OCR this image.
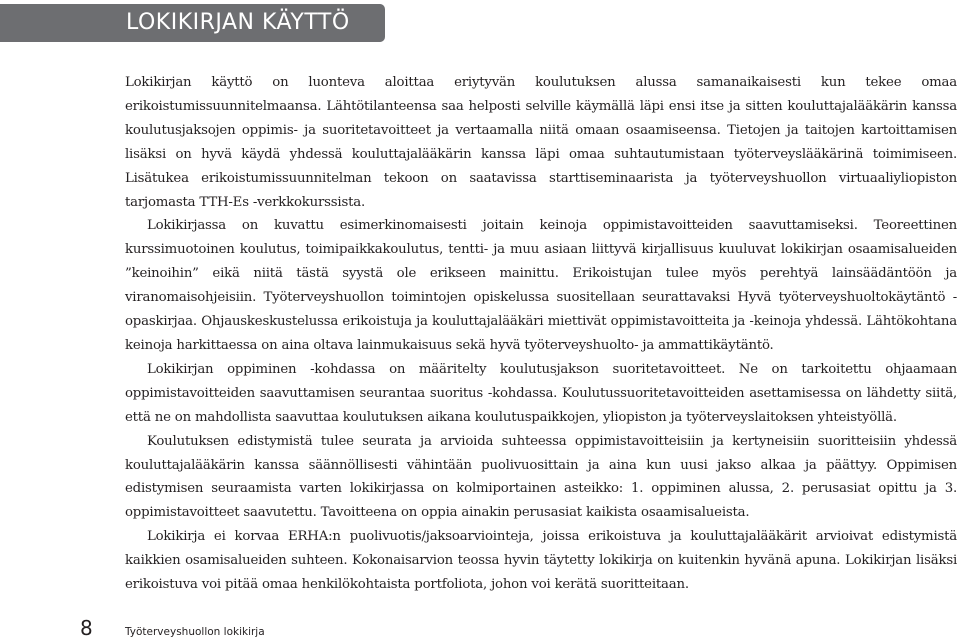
LOKIKIRJAN KÄYTTÖ

Lokikirjan käyttö on luonteva aloittaa eriytyvän koulutuksen alussa samanaikaisesti kun tekee omaa erikoistumissuunnitelmaansa. Lähtötilanteensa saa helposti selville käymällä läpi ensi itse ja sitten kouluttajalääkärin kanssa koulutusjaksojen oppimis- ja suoritetavoitteet ja vertaamalla niitä omaan osaamiseensa. Tietojen ja taitojen kartoittamisen lisäksi on hyvä käydä yhdessä kouluttajalääkärin kanssa läpi omaa suhtautumistaan työterveyslääkärinä toimimiseen. Lisätukea erikoistumissuunnitelman tekoon on saatavissa starttiseminaarista ja työterveyshuollon virtuaaliyliopiston tarjomasta TTH-Es -verkkokurssista.

Lokikirjassa on kuvattu esimerkinomaisesti joitain keinoja oppimistavoitteiden saavuttamiseksi. Teoreettinen kurssimuotoinen koulutus, toimipaikkakoulutus, tentti- ja muu asiaan liittyvä kirjallisuus kuuluvat lokikirjan osaamisalueiden ”keinoihin” eikä niitä tästä syystä ole erikseen mainittu. Erikoistujan tulee myös perehtyä lainsäädäntöön ja viranomaisohjeisiin. Työterveyshuollon toimintojen opiskelussa suositellaan seurattavaksi Hyvä työterveyshuoltokäytäntö -opaskirjaa. Ohjauskeskustelussa erikoistuja ja kouluttajalääkäri miettivät oppimistavoitteita ja -keinoja yhdessä. Lähtökohtana keinoja harkittaessa on aina oltava lainmukaisuus sekä hyvä työterveyshuolto- ja ammattikäytäntö.

Lokikirjan oppiminen -kohdassa on määritelty koulutusjakson suoritetavoitteet. Ne on tarkoitettu ohjaamaan oppimistavoitteiden saavuttamisen seurantaa suoritus -kohdassa. Koulutussuoritetavoitteiden asettamisessa on lähdetty siitä, että ne on mahdollista saavuttaa koulutuksen aikana koulutuspaikkojen, yliopiston ja työterveyslaitoksen yhteistyöllä.

Koulutuksen edistymistä tulee seurata ja arvioida suhteessa oppimistavoitteisiin ja kertyneisiin suoritteisiin yhdessä kouluttajalääkärin kanssa säännöllisesti vähintään puolivuosittain ja aina kun uusi jakso alkaa ja päättyy. Oppimisen edistymisen seuraamista varten lokikirjassa on kolmiportainen asteikko: 1. oppiminen alussa, 2. perusasiat opittu ja 3. oppimistavoitteet saavutettu. Tavoitteena on oppia ainakin perusasiat kaikista osaamisalueista.

Lokikirja ei korvaa ERHA:n puolivuotis/jaksoarviointeja, joissa erikoistuva ja kouluttajalääkärit arvioivat edistymistä kaikkien osamisalueiden suhteen. Kokonaisarvion teossa hyvin täytetty lokikirja on kuitenkin hyvänä apuna. Lokikirjan lisäksi erikoistuva voi pitää omaa henkilökohtaista portfoliota, johon voi kerätä suoritteitaan.

8	Työterveyshuollon lokikirja
